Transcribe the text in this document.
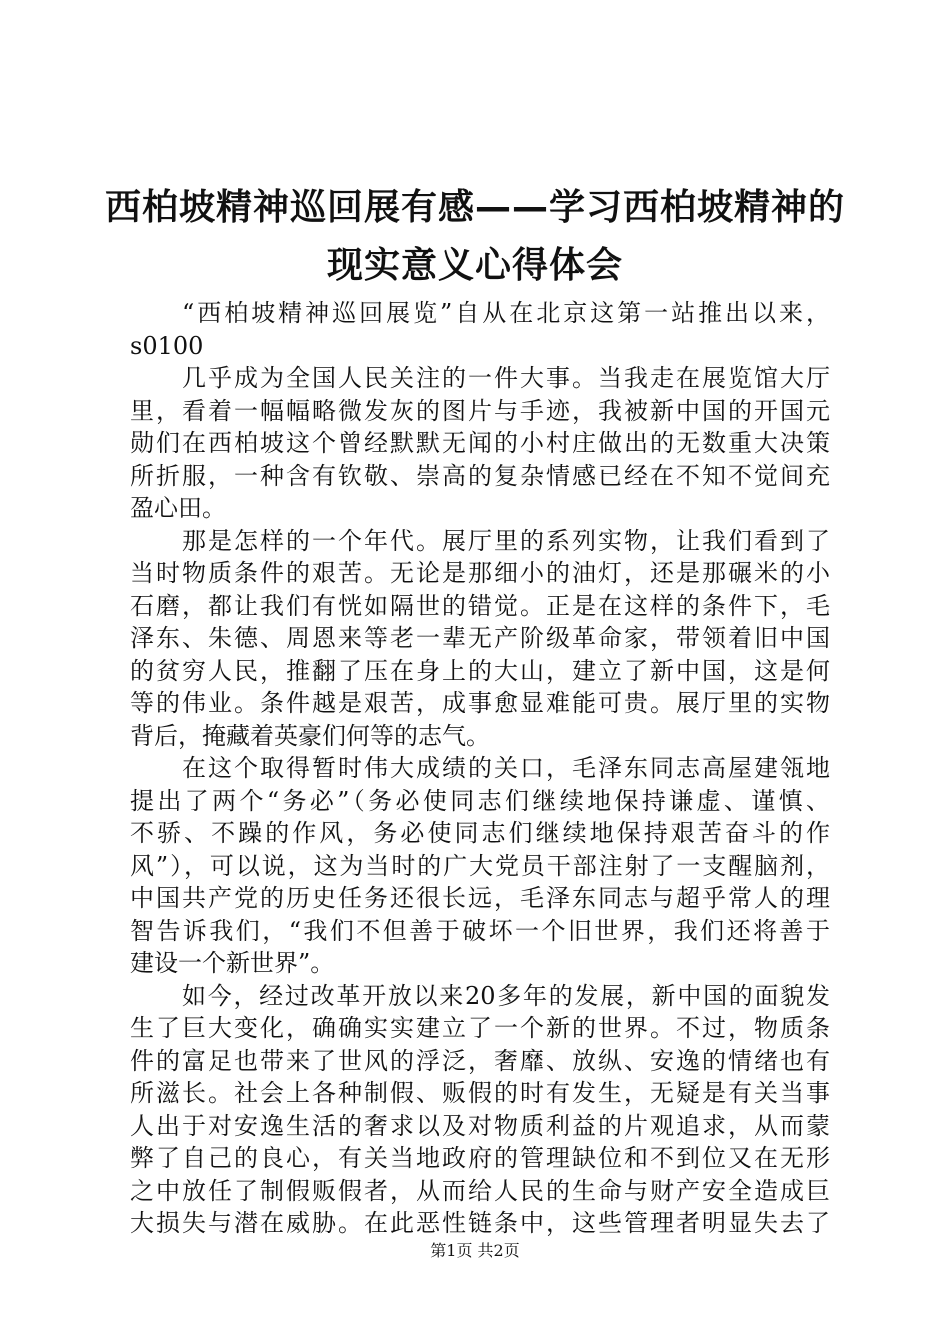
西柏坡精神巡回展有感——学习西柏坡精神的
现实意义心得体会
“西柏坡精神巡回展览”自从在北京这第一站推出以来，
s0100
几乎成为全国人民关注的一件大事。当我走在展览馆大厅
里，看着一幅幅略微发灰的图片与手迹，我被新中国的开国元
勋们在西柏坡这个曾经默默无闻的小村庄做出的无数重大决策
所折服，一种含有钦敬、崇高的复杂情感已经在不知不觉间充
盈心田。
那是怎样的一个年代。展厅里的系列实物，让我们看到了
当时物质条件的艰苦。无论是那细小的油灯，还是那碾米的小
石磨，都让我们有恍如隔世的错觉。正是在这样的条件下，毛
泽东、朱德、周恩来等老一辈无产阶级革命家，带领着旧中国
的贫穷人民，推翻了压在身上的大山，建立了新中国，这是何
等的伟业。条件越是艰苦，成事愈显难能可贵。展厅里的实物
背后，掩藏着英豪们何等的志气。
在这个取得暂时伟大成绩的关口，毛泽东同志高屋建瓴地
提出了两个“务必”（务必使同志们继续地保持谦虚、谨慎、
不骄、不躁的作风，务必使同志们继续地保持艰苦奋斗的作
风”），可以说，这为当时的广大党员干部注射了一支醒脑剂，
中国共产党的历史任务还很长远，毛泽东同志与超乎常人的理
智告诉我们，“我们不但善于破坏一个旧世界，我们还将善于
建设一个新世界”。
如今，经过改革开放以来20多年的发展，新中国的面貌发
生了巨大变化，确确实实建立了一个新的世界。不过，物质条
件的富足也带来了世风的浮泛，奢靡、放纵、安逸的情绪也有
所滋长。社会上各种制假、贩假的时有发生，无疑是有关当事
人出于对安逸生活的奢求以及对物质利益的片观追求，从而蒙
弊了自己的良心，有关当地政府的管理缺位和不到位又在无形
之中放任了制假贩假者，从而给人民的生命与财产安全造成巨
大损失与潜在威胁。在此恶性链条中，这些管理者明显失去了
第1页 共2页
